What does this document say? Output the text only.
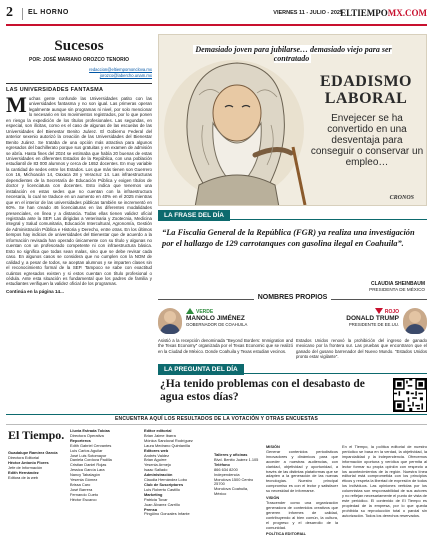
2 EL HORNO	VIERNES 11 - JULIO - 2025
ELTIEMPOMX.COM
Sucesos
POR: JOSÉ MARIANO OROZCO TENORIO
redaccion@eltiempomonclova.mx
jorozco@labercho.unam.mx
LAS UNIVERSIDADES FANTASMA
Muchas gente confunde las Universidades patito con las universidades fantasma y no son igual. Las primeras operan legalmente aunque sin programas ni nivel, por solo mencionar lo necesario en los movimientos registrados, por lo que ponen en riesgo la expedición de los títulos profesionales. Las segundas, en especial, son ilícitas, como es el caso de algunas de las escuelas de las Universidades del Bienestar Benito Juárez. El Gobierno Federal del anterior sexenio autorizó la creación de las Universidades del Bienestar Benito Juárez. Se trataba de una opción más atractiva para algunos egresados del bachillerato porque sus gratuitas y en examen de admisión se abría. Hasta fines del 2024 se estimaba que había 20 buenas de estas Universidades en diferentes Estados de la República, con una población estudiantil de 83 000 alumnos y cerca de 1652 docentes. En muy variable la cantidad de sedes entre los Estados. Los que más tienen son Guerrero con 16, Michoacán 14, Oaxaca 28 y Veracruz 14. Las infraestructuras dependientes de la Secretaría de Educación Pública y exigen títulos de doctor y licenciatura con docentes. Esto indica que tenemos una instalación en estas sedes que no cuentan con la infraestructura necesaria, lo cual se traduce en un aumento en 40% en el 2025 mientras que en el interior de las universidades públicas también se incrementó en 60%. Se han creado 46 licenciaturas en las diferentes modalidades presenciales, en línea y a distancia. Todas ellas tienen validez oficial registrada ante la SEP. Las dirigidas a Veterinaria y Zootecnia, Medicina integral y Salud comunitaria, Educación Intercultural, Agronomía, Gestión de Administración Pública e Historia y Derecho, entre otras. En los últimos tiempos hay indicios de universidades del Bienestar que de acuerdo a la información revisada han operado únicamente con su título y algunas no cuentan con un profesorado competente ni con infraestructura básica. Esto no significa que todas sean malas, sino que se debe revisar cada caso. En algunos casos se considera que no cumplen con la NOM de calidad y, a pesar de todos, se aceptan alumnos y se imparten clases sin el reconocimiento formal de la SEP. Tampoco se sabe con exactitud cuántos egresados existen y si estos cuentan con título profesional o cédula. Ante esta situación es fundamental que los padres de familia y estudiantes verifiquen la validez oficial de los programas.
Continúa en la página 14...
Demasiado joven para jubilarse… demasiado viejo para ser contratado
EDADISMO LABORAL
Envejecer se ha convertido en una desventaja para conseguir o conservar un empleo…
CRONOS
LA FRASE DEL DÍA
“La Fiscalía General de la República (FGR) ya realiza una investigación por el hallazgo de 129 carrotanques con gasolina ilegal en Coahuila”.
CLAUDIA SHEINBAUM
PRESIDENTA DE MÉXICO
NOMBRES PROPIOS
VERDE
MANOLO JIMÉNEZ
GOBERNADOR DE COAHUILA
Asistió a la recepción denominada “Beyond Borders: Immigration and the Texas Economy” organizada por el Texas Economic que se realizó en la Ciudad de México. Donde Coahuila y Texas estudian vecinos.
ROJO
DONALD TRUMP
PRESIDENTE DE EE.UU.
Estados Unidos renovó la prohibición del ingreso de ganado mexicano por la frontera sur. Las pruebas que encontraron que el ganado del gusano barrenador del Nuevo Mundo. “Estados Unidos pronto estar vigilante”.
LA PREGUNTA DEL DÍA
¿Ha tenido problemas con el desabasto de agua estos días?
ENCUENTRA AQUÍ LOS RESULTADOS DE LA VOTACIÓN Y OTRAS ENCUESTAS
El Tiempo.
Guadalupe Ramírez García
Directora Editorial
Héctor Antonio Flores
Jefe de Información
Edith Hernández
Editora de la web
Lluvia Estrada Tobías
Directora Operativa
Reporteros
Edith Gabriel Cervantes
Luis Carlos Aguilar
José Luis Sotomayor
Daniela Cordova Padilla
Cristian Daniel Rojas
Jessica García Lara
Nancy Tabalagón
Yesenia Gómez
Brissa Caro
José Barrera
Fernando Cueto
Héctor Escarco
Editor editorial
Brian Jaime Ibarra
Mónica Sandoval Rodríguez
Laura Medrano Quintanilla
Editores web
Andrés Valdez
Brian Aguirre
Yesenia Armejo
Isaac Sallado
Administración
Claudia Hernández Lobo
Club de Suscriptores
Luis Roberto Castillo
Marketing
Patricia Tovar
Juan Álvarez Carrillo
Prensa
Pingüino Gonzales Infante
Talleres y oficinas
Blvd. Benito Juárez 1.105
Teléfono
866 634 8200
Independencia
Monclova 1500 Centro 25700
Monclova Coahuila,
México
MISIÓN
Generar contenidos periodísticos innovadores y dinámicos para que acceder a nuestras audiencias, con claridad, objetividad y oportunidad, a través de las distintas plataformas que se adapten a la generación de las nuevas tecnologías. Nuestro principal compromiso es con el lector y satisfacer su necesidad de informarse.
VISIÓN
Trascender como una organización generadora de contenidos creativos que generen informes de calidad, contribuyendo al bien común, la cultura, el progreso y el desarrollo de la comunidad.
POLÍTICA EDITORIAL
En el Tiempo, la política editorial de nuestro periódico se basa en la verdad, la objetividad, la imparcialidad y la independencia. Ofrecemos información oportuna y verídica que permita al lector formar su propia opinión con respecto a los acontecimientos de la región. Nuestra línea editorial está comprometida con los principios éticos y respeta la libertad de expresión de todos los individuos. Las opiniones vertidas por los columnistas son responsabilidad de sus autores y no reflejan necesariamente el punto de vista de este periódico. El contenido de El Tiempo es propiedad de la empresa, por lo que queda prohibida su reproducción total o parcial sin autorización. Todos los derechos reservados.
